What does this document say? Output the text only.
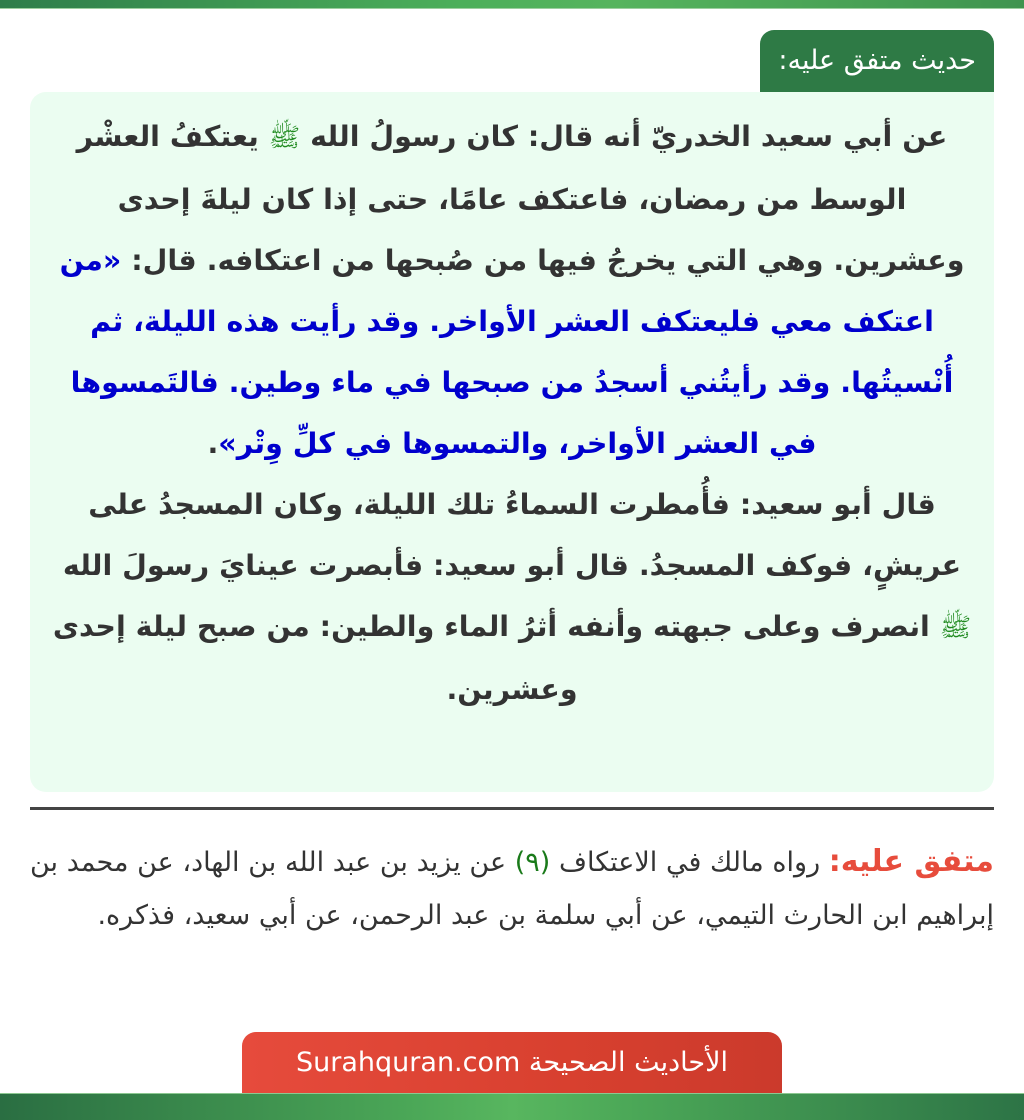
حديث متفق عليه:

عن أبي سعيد الخدريّ أنه قال: كان رسولُ الله ﷺ يعتكفُ العشْر الوسط من رمضان، فاعتكف عامًا، حتى إذا كان ليلةَ إحدى وعشرين. وهي التي يخرجُ فيها من صُبحها من اعتكافه. قال: «من اعتكف معي فليعتكف العشر الأواخر. وقد رأيت هذه الليلة، ثم أُنْسيتُها. وقد رأيتُني أسجدُ من صبحها في ماء وطين. فالتَمسوها في العشر الأواخر، والتمسوها في كلِّ وِتْر».
قال أبو سعيد: فأُمطرت السماءُ تلك الليلة، وكان المسجدُ على عريشٍ، فوكف المسجدُ. قال أبو سعيد: فأبصرت عينايَ رسولَ الله ﷺ انصرف وعلى جبهته وأنفه أثرُ الماء والطين: من صبح ليلة إحدى وعشرين.

متفق عليه: رواه مالك في الاعتكاف (٩) عن يزيد بن عبد الله بن الهاد، عن محمد بن إبراهيم ابن الحارث التيمي، عن أبي سلمة بن عبد الرحمن، عن أبي سعيد، فذكره.

الأحاديث الصحيحة Surahquran.com
